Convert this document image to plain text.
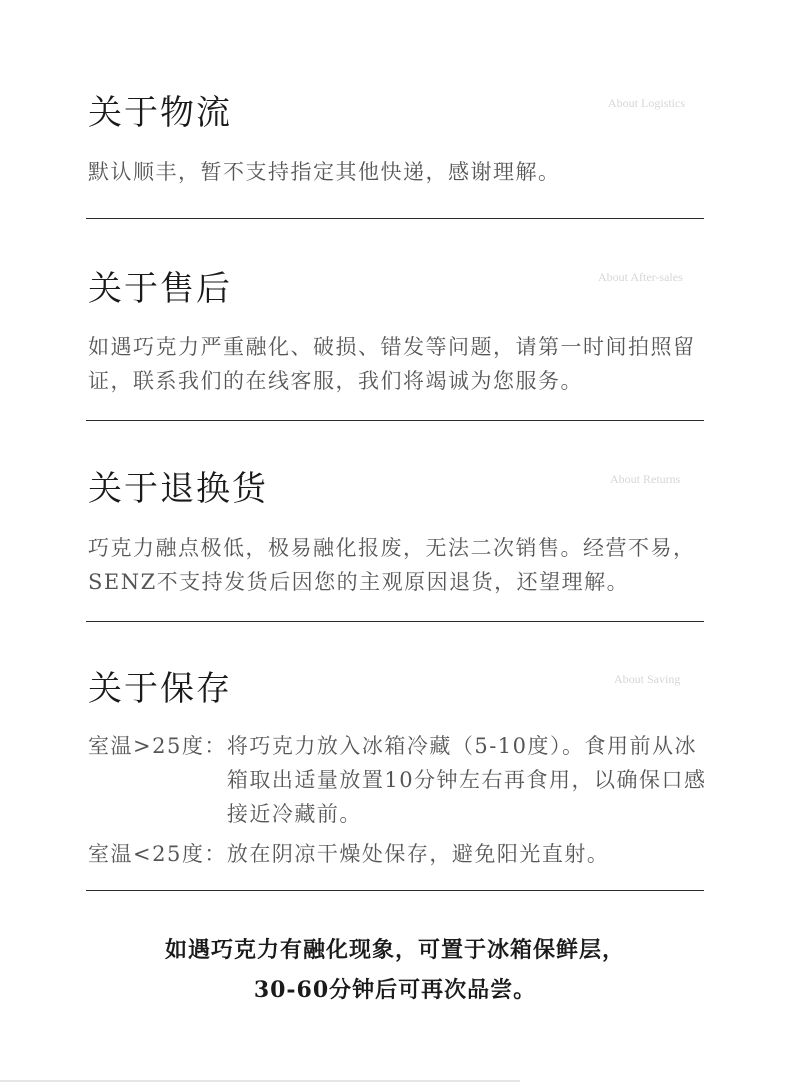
关于物流	About Logistics
默认顺丰，暂不支持指定其他快递，感谢理解。
关于售后	About After-sales
如遇巧克力严重融化、破损、错发等问题，请第一时间拍照留证，联系我们的在线客服，我们将竭诚为您服务。
关于退换货	About Returns
巧克力融点极低，极易融化报废，无法二次销售。经营不易，SENZ不支持发货后因您的主观原因退货，还望理解。
关于保存	About Saving
室温>25度： 将巧克力放入冰箱冷藏（5-10度）。食用前从冰箱取出适量放置10分钟左右再食用，以确保口感接近冷藏前。
室温<25度： 放在阴凉干燥处保存，避免阳光直射。
如遇巧克力有融化现象，可置于冰箱保鲜层，
30-60分钟后可再次品尝。
